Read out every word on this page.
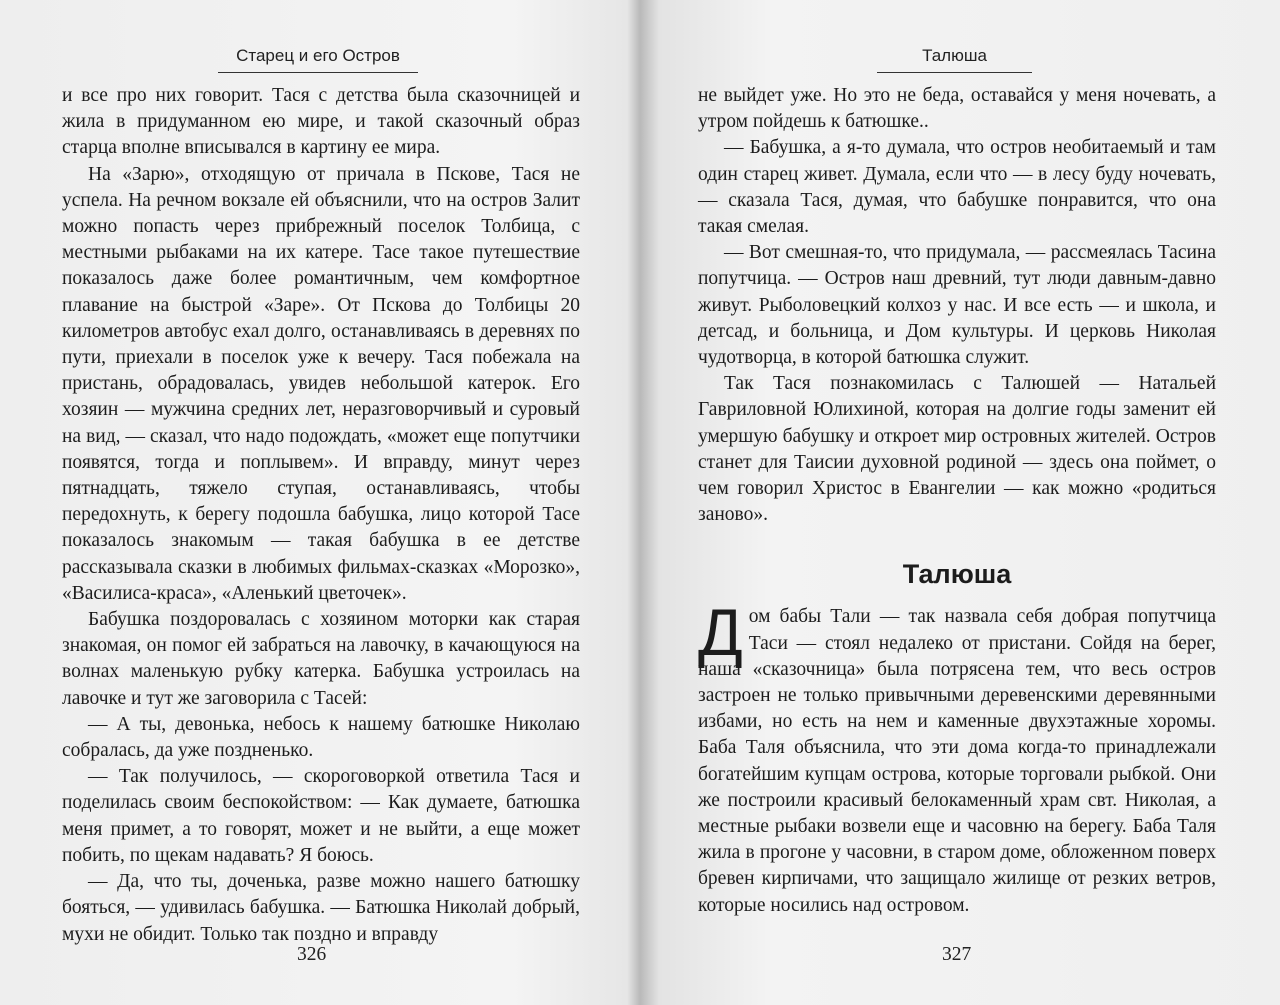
Старец и его Остров

и все про них говорит. Тася с детства была сказочницей и жила в придуманном ею мире, и такой сказочный образ старца вполне вписывался в картину ее мира.

На «Зарю», отходящую от причала в Пскове, Тася не успела. На речном вокзале ей объяснили, что на остров Залит можно попасть через прибрежный поселок Толбица, с местными рыбаками на их катере. Тасе такое путешествие показалось даже более романтичным, чем комфортное плавание на быстрой «Заре». От Пскова до Толбицы 20 километров автобус ехал долго, останавливаясь в деревнях по пути, приехали в поселок уже к вечеру. Тася побежала на пристань, обрадовалась, увидев небольшой катерок. Его хозяин — мужчина средних лет, неразговорчивый и суровый на вид, — сказал, что надо подождать, «может еще попутчики появятся, тогда и поплывем». И вправду, минут через пятнадцать, тяжело ступая, останавливаясь, чтобы передохнуть, к берегу подошла бабушка, лицо которой Тасе показалось знакомым — такая бабушка в ее детстве рассказывала сказки в любимых фильмах-сказках «Морозко», «Василиса-краса», «Аленький цветочек».

Бабушка поздоровалась с хозяином моторки как старая знакомая, он помог ей забраться на лавочку, в качающуюся на волнах маленькую рубку катерка. Бабушка устроилась на лавочке и тут же заговорила с Тасей:

— А ты, девонька, небось к нашему батюшке Николаю собралась, да уже поздненько.

— Так получилось, — скороговоркой ответила Тася и поделилась своим беспокойством: — Как думаете, батюшка меня примет, а то говорят, может и не выйти, а еще может побить, по щекам надавать? Я боюсь.

— Да, что ты, доченька, разве можно нашего батюшку бояться, — удивилась бабушка. — Батюшка Николай добрый, мухи не обидит. Только так поздно и вправду

326
Талюша

не выйдет уже. Но это не беда, оставайся у меня ночевать, а утром пойдешь к батюшке..

— Бабушка, а я-то думала, что остров необитаемый и там один старец живет. Думала, если что — в лесу буду ночевать, — сказала Тася, думая, что бабушке понравится, что она такая смелая.

— Вот смешная-то, что придумала, — рассмеялась Тасина попутчица. — Остров наш древний, тут люди давным-давно живут. Рыболовецкий колхоз у нас. И все есть — и школа, и детсад, и больница, и Дом культуры. И церковь Николая чудотворца, в которой батюшка служит.

Так Тася познакомилась с Талюшей — Натальей Гавриловной Юлихиной, которая на долгие годы заменит ей умершую бабушку и откроет мир островных жителей. Остров станет для Таисии духовной родиной — здесь она поймет, о чем говорил Христос в Евангелии — как можно «родиться заново».

Талюша

Дом бабы Тали — так назвала себя добрая попутчица Таси — стоял недалеко от пристани. Сойдя на берег, наша «сказочница» была потрясена тем, что весь остров застроен не только привычными деревенскими деревянными избами, но есть на нем и каменные двухэтажные хоромы. Баба Таля объяснила, что эти дома когда-то принадлежали богатейшим купцам острова, которые торговали рыбкой. Они же построили красивый белокаменный храм свт. Николая, а местные рыбаки возвели еще и часовню на берегу. Баба Таля жила в прогоне у часовни, в старом доме, обложенном поверх бревен кирпичами, что защищало жилище от резких ветров, которые носились над островом.

327
